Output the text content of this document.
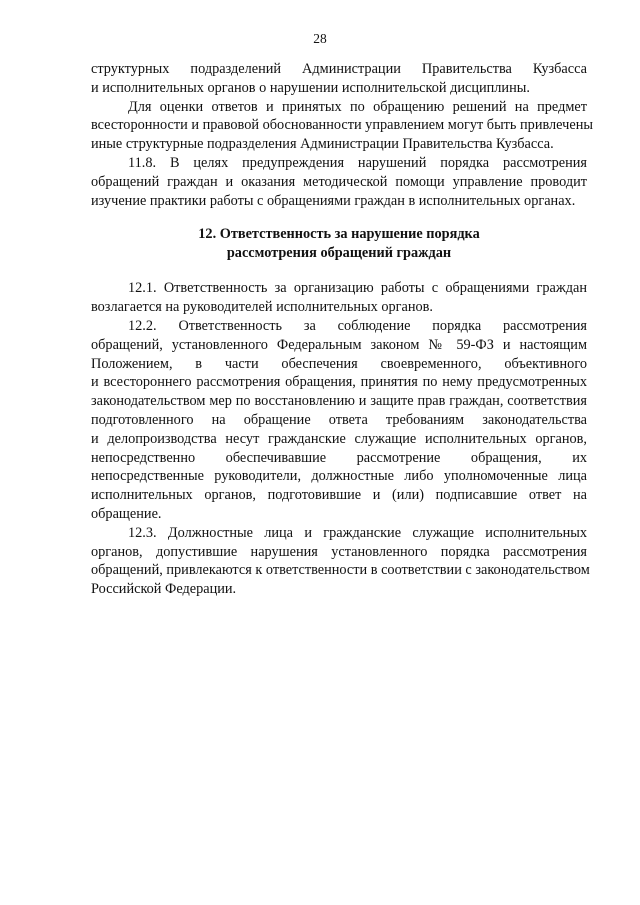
28
структурных подразделений Администрации Правительства Кузбасса
и исполнительных органов о нарушении исполнительской дисциплины.
Для оценки ответов и принятых по обращению решений на предмет
всесторонности и правовой обоснованности управлением могут быть привлечены
иные структурные подразделения Администрации Правительства Кузбасса.
11.8. В целях предупреждения нарушений порядка рассмотрения
обращений граждан и оказания методической помощи управление проводит
изучение практики работы с обращениями граждан в исполнительных органах.
12. Ответственность за нарушение порядка
рассмотрения обращений граждан
12.1. Ответственность за организацию работы с обращениями граждан
возлагается на руководителей исполнительных органов.
12.2. Ответственность за соблюдение порядка рассмотрения
обращений, установленного Федеральным законом № 59-ФЗ и настоящим
Положением, в части обеспечения своевременного, объективного
и всестороннего рассмотрения обращения, принятия по нему предусмотренных
законодательством мер по восстановлению и защите прав граждан, соответствия
подготовленного на обращение ответа требованиям законодательства
и делопроизводства несут гражданские служащие исполнительных органов,
непосредственно обеспечивавшие рассмотрение обращения, их
непосредственные руководители, должностные либо уполномоченные лица
исполнительных органов, подготовившие и (или) подписавшие ответ на
обращение.
12.3. Должностные лица и гражданские служащие исполнительных
органов, допустившие нарушения установленного порядка рассмотрения
обращений, привлекаются к ответственности в соответствии с законодательством
Российской Федерации.
